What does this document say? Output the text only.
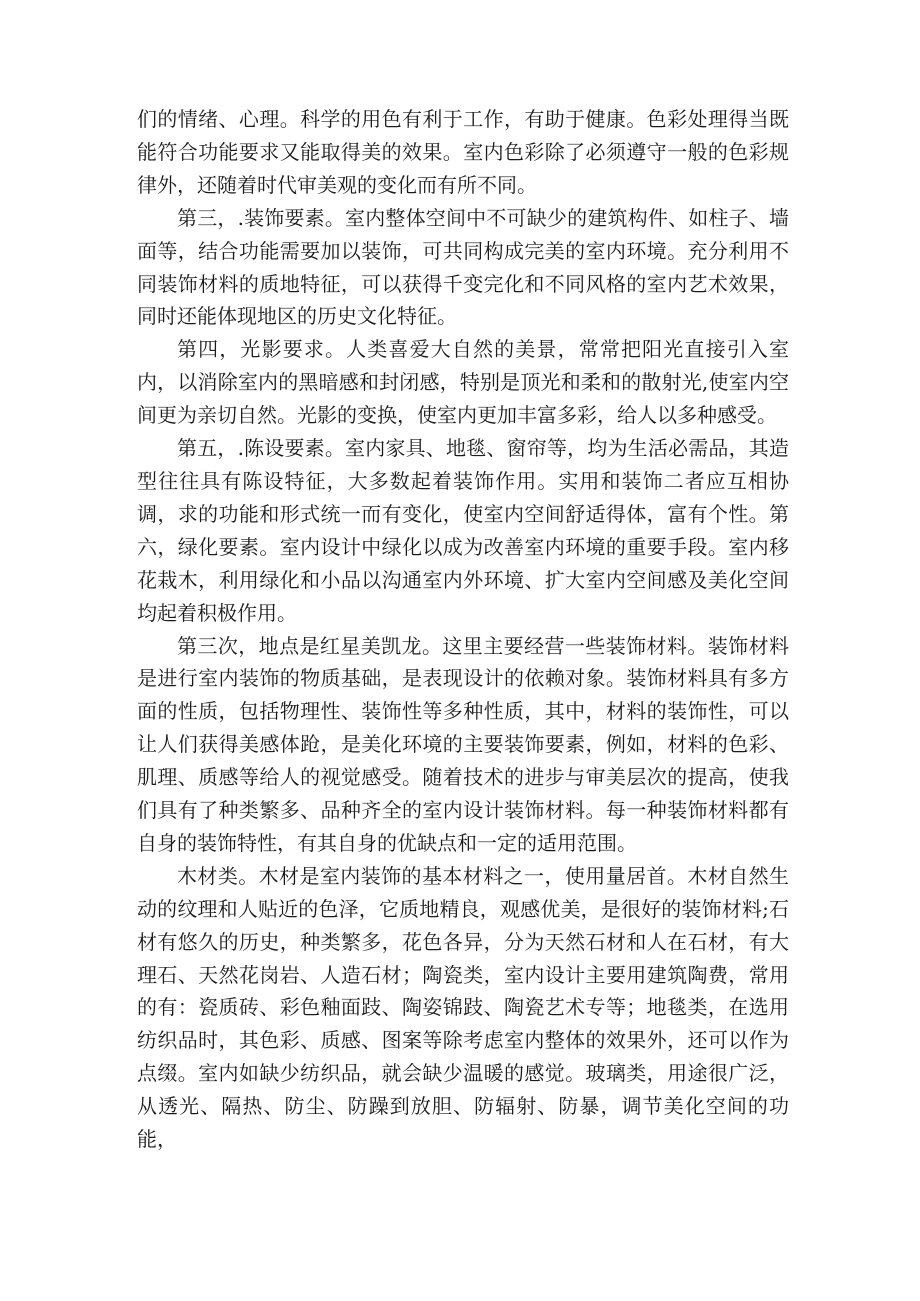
们的情绪、心理。科学的用色有利于工作，有助于健康。色彩处理得当既能符合功能要求又能取得美的效果。室内色彩除了必须遵守一般的色彩规律外，还随着时代审美观的变化而有所不同。

第三，.装饰要素。室内整体空间中不可缺少的建筑构件、如柱子、墙面等，结合功能需要加以装饰，可共同构成完美的室内环境。充分利用不同装饰材料的质地特征，可以获得千变完化和不同风格的室内艺术效果，同时还能体现地区的历史文化特征。

第四，光影要求。人类喜爱大自然的美景，常常把阳光直接引入室内，以消除室内的黑暗感和封闭感，特别是顶光和柔和的散射光,使室内空间更为亲切自然。光影的变换，使室内更加丰富多彩，给人以多种感受。

第五，.陈设要素。室内家具、地毯、窗帘等，均为生活必需品，其造型往往具有陈设特征，大多数起着装饰作用。实用和装饰二者应互相协调，求的功能和形式统一而有变化，使室内空间舒适得体，富有个性。第六，绿化要素。室内设计中绿化以成为改善室内环境的重要手段。室内移花栽木，利用绿化和小品以沟通室内外环境、扩大室内空间感及美化空间均起着积极作用。

第三次，地点是红星美凯龙。这里主要经营一些装饰材料。装饰材料是进行室内装饰的物质基础，是表现设计的依赖对象。装饰材料具有多方面的性质，包括物理性、装饰性等多种性质，其中，材料的装饰性，可以让人们获得美感体跄，是美化环境的主要装饰要素，例如，材料的色彩、肌理、质感等给人的视觉感受。随着技术的进步与审美层次的提高，使我们具有了种类繁多、品种齐全的室内设计装饰材料。每一种装饰材料都有自身的装饰特性，有其自身的优缺点和一定的适用范围。

木材类。木材是室内装饰的基本材料之一，使用量居首。木材自然生动的纹理和人贴近的色泽，它质地精良，观感优美，是很好的装饰材料;石材有悠久的历史，种类繁多，花色各异，分为天然石材和人在石材，有大理石、天然花岗岩、人造石材；陶瓷类，室内设计主要用建筑陶费，常用的有：瓷质砖、彩色釉面跂、陶姿锦跂、陶瓷艺术专等；地毯类，在选用纺织品时，其色彩、质感、图案等除考虑室内整体的效果外，还可以作为点缀。室内如缺少纺织品，就会缺少温暖的感觉。玻璃类，用途很广泛，从透光、隔热、防尘、防躁到放胆、防辐射、防暴，调节美化空间的功能，
